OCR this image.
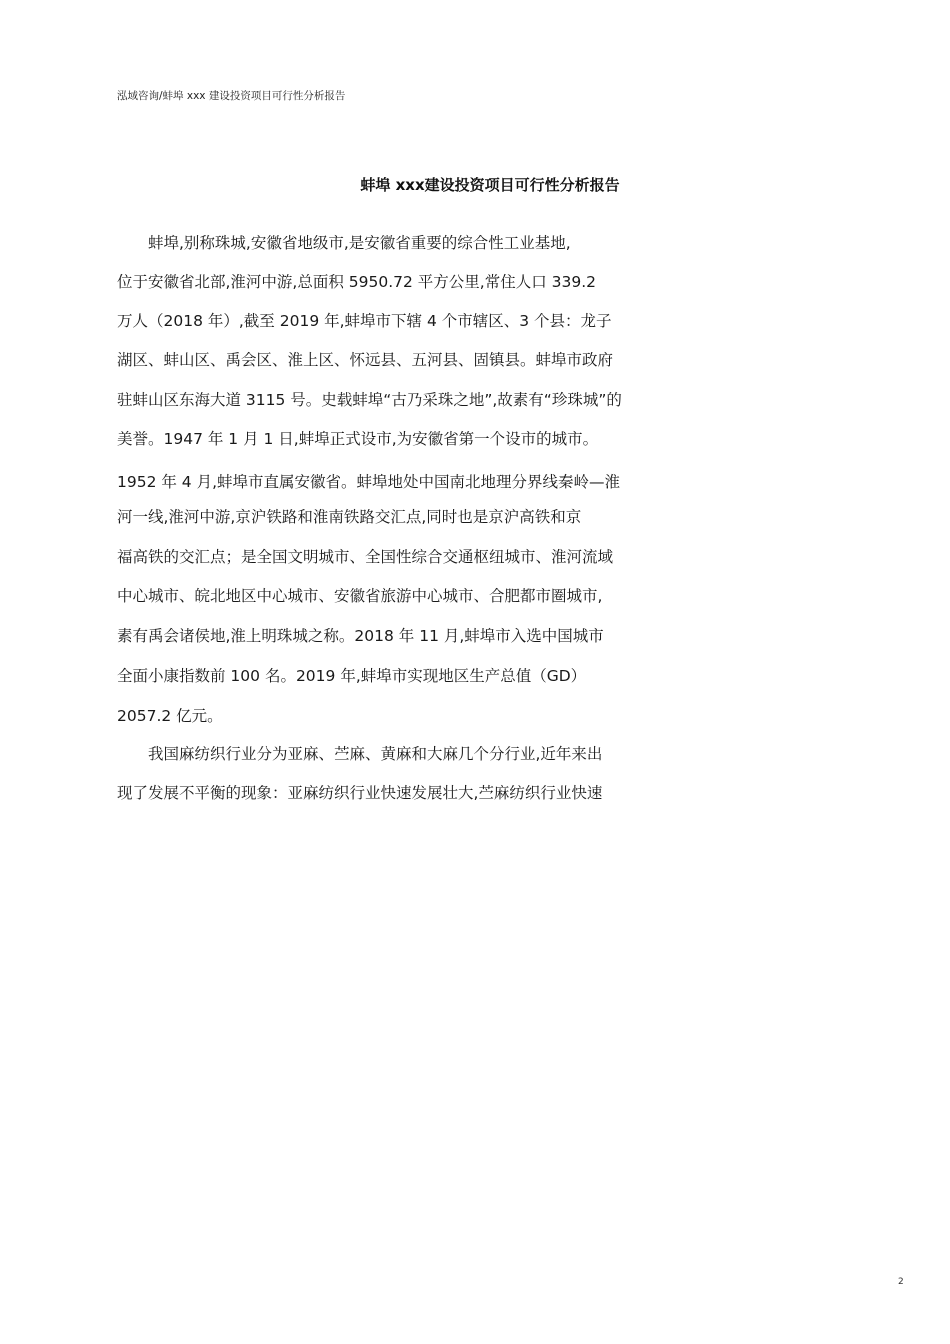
泓域咨询/蚌埠 xxx 建设投资项目可行性分析报告
蚌埠 xxx建设投资项目可行性分析报告
蚌埠,别称珠城,安徽省地级市,是安徽省重要的综合性工业基地,
位于安徽省北部,淮河中游,总面积 5950.72 平方公里,常住人口 339.2
万人（2018 年）,截至 2019 年,蚌埠市下辖 4 个市辖区、3 个县：龙子
湖区、蚌山区、禹会区、淮上区、怀远县、五河县、固镇县。蚌埠市政府
驻蚌山区东海大道 3115 号。史载蚌埠“古乃采珠之地”,故素有“珍珠城”的
美誉。1947 年 1 月 1 日,蚌埠正式设市,为安徽省第一个设市的城市。
1952 年 4 月,蚌埠市直属安徽省。蚌埠地处中国南北地理分界线秦岭—淮
河一线,淮河中游,京沪铁路和淮南铁路交汇点,同时也是京沪高铁和京
福高铁的交汇点；是全国文明城市、全国性综合交通枢纽城市、淮河流域
中心城市、皖北地区中心城市、安徽省旅游中心城市、合肥都市圈城市,
素有禹会诸侯地,淮上明珠城之称。2018 年 11 月,蚌埠市入选中国城市
全面小康指数前 100 名。2019 年,蚌埠市实现地区生产总值（GD）
2057.2 亿元。
我国麻纺织行业分为亚麻、苎麻、黄麻和大麻几个分行业,近年来出
现了发展不平衡的现象：亚麻纺织行业快速发展壮大,苎麻纺织行业快速
2
